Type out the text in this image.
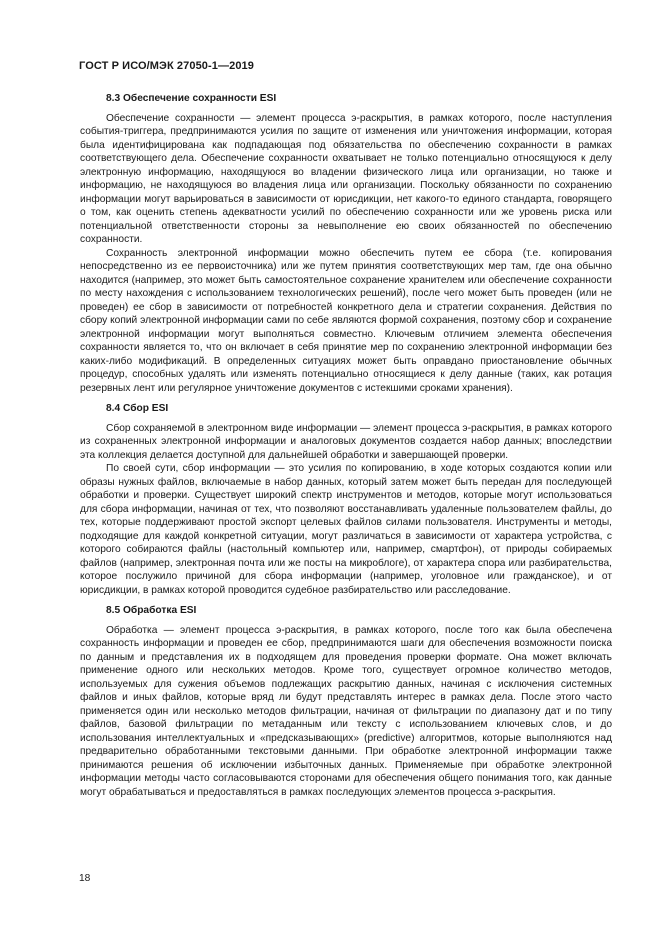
ГОСТ Р ИСО/МЭК 27050-1—2019
8.3 Обеспечение сохранности ESI

Обеспечение сохранности — элемент процесса э-раскрытия, в рамках которого, после наступления события-триггера, предпринимаются усилия по защите от изменения или уничтожения информации, которая была идентифицирована как подпадающая под обязательства по обеспечению сохранности в рамках соответствующего дела. Обеспечение сохранности охватывает не только потенциально относящуюся к делу электронную информацию, находящуюся во владении физического лица или организации, но также и информацию, не находящуюся во владения лица или организации. Поскольку обязанности по сохранению информации могут варьироваться в зависимости от юрисдикции, нет какого-то единого стандарта, говорящего о том, как оценить степень адекватности усилий по обеспечению сохранности или же уровень риска или потенциальной ответственности стороны за невыполнение ею своих обязанностей по обеспечению сохранности.

Сохранность электронной информации можно обеспечить путем ее сбора (т.е. копирования непосредственно из ее первоисточника) или же путем принятия соответствующих мер там, где она обычно находится (например, это может быть самостоятельное сохранение хранителем или обеспечение сохранности по месту нахождения с использованием технологических решений), после чего может быть проведен (или не проведен) ее сбор в зависимости от потребностей конкретного дела и стратегии сохранения. Действия по сбору копий электронной информации сами по себе являются формой сохранения, поэтому сбор и сохранение электронной информации могут выполняться совместно. Ключевым отличием элемента обеспечения сохранности является то, что он включает в себя принятие мер по сохранению электронной информации без каких-либо модификаций. В определенных ситуациях может быть оправдано приостановление обычных процедур, способных удалять или изменять потенциально относящиеся к делу данные (таких, как ротация резервных лент или регулярное уничтожение документов с истекшими сроками хранения).

8.4 Сбор ESI

Сбор сохраняемой в электронном виде информации — элемент процесса э-раскрытия, в рамках которого из сохраненных электронной информации и аналоговых документов создается набор данных; впоследствии эта коллекция делается доступной для дальнейшей обработки и завершающей проверки.

По своей сути, сбор информации — это усилия по копированию, в ходе которых создаются копии или образы нужных файлов, включаемые в набор данных, который затем может быть передан для последующей обработки и проверки. Существует широкий спектр инструментов и методов, которые могут использоваться для сбора информации, начиная от тех, что позволяют восстанавливать удаленные пользователем файлы, до тех, которые поддерживают простой экспорт целевых файлов силами пользователя. Инструменты и методы, подходящие для каждой конкретной ситуации, могут различаться в зависимости от характера устройства, с которого собираются файлы (настольный компьютер или, например, смартфон), от природы собираемых файлов (например, электронная почта или же посты на микроблоге), от характера спора или разбирательства, которое послужило причиной для сбора информации (например, уголовное или гражданское), и от юрисдикции, в рамках которой проводится судебное разбирательство или расследование.

8.5 Обработка ESI

Обработка — элемент процесса э-раскрытия, в рамках которого, после того как была обеспечена сохранность информации и проведен ее сбор, предпринимаются шаги для обеспечения возможности поиска по данным и представления их в подходящем для проведения проверки формате. Она может включать применение одного или нескольких методов. Кроме того, существует огромное количество методов, используемых для сужения объемов подлежащих раскрытию данных, начиная с исключения системных файлов и иных файлов, которые вряд ли будут представлять интерес в рамках дела. После этого часто применяется один или несколько методов фильтрации, начиная от фильтрации по диапазону дат и по типу файлов, базовой фильтрации по метаданным или тексту с использованием ключевых слов, и до использования интеллектуальных и «предсказывающих» (predictive) алгоритмов, которые выполняются над предварительно обработанными текстовыми данными. При обработке электронной информации также принимаются решения об исключении избыточных данных. Применяемые при обработке электронной информации методы часто согласовываются сторонами для обеспечения общего понимания того, как данные могут обрабатываться и предоставляться в рамках последующих элементов процесса э-раскрытия.

18
